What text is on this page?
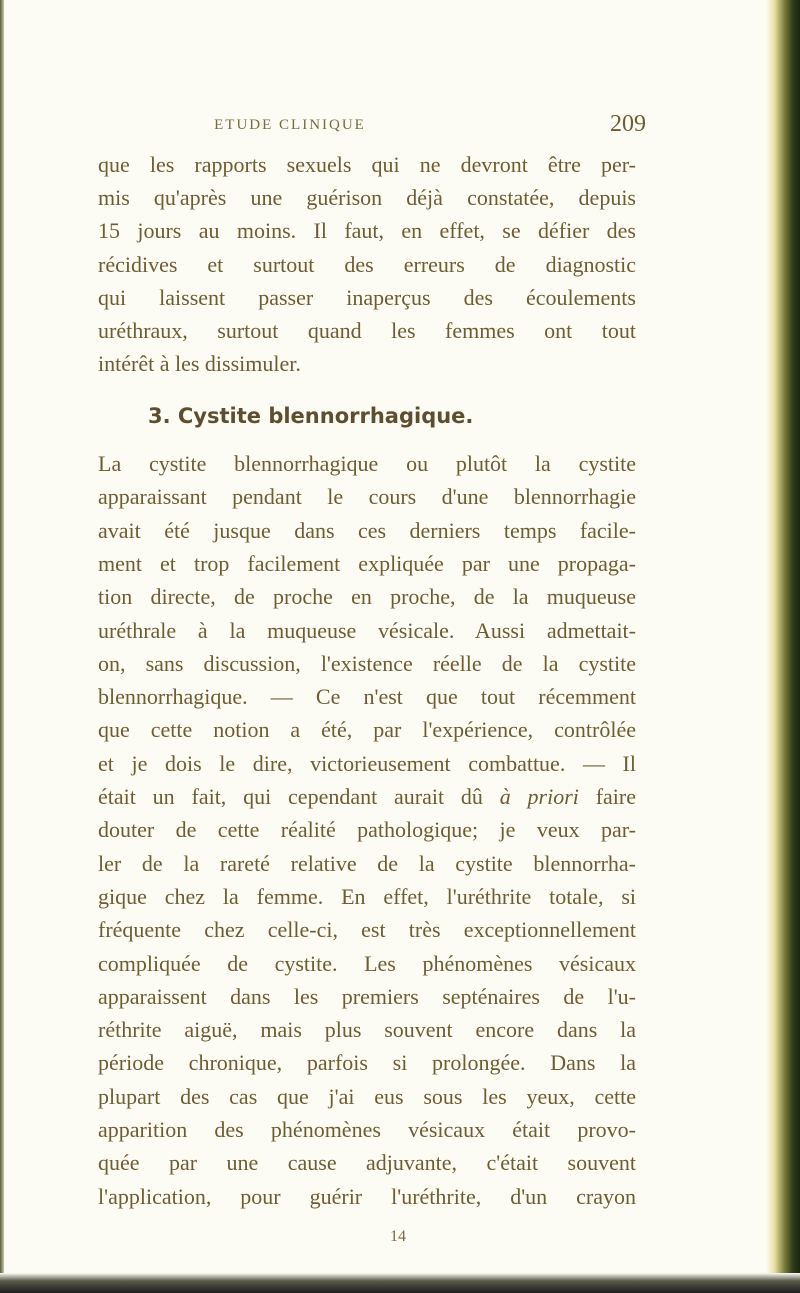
ETUDE CLINIQUE	209
que les rapports sexuels qui ne devront être per-
mis qu'après une guérison déjà constatée, depuis
15 jours au moins. Il faut, en effet, se défier des
récidives et surtout des erreurs de diagnostic
qui laissent passer inaperçus des écoulements
uréthraux, surtout quand les femmes ont tout
intérêt à les dissimuler.
3. Cystite blennorrhagique.
La cystite blennorrhagique ou plutôt la cystite
apparaissant pendant le cours d'une blennorrhagie
avait été jusque dans ces derniers temps facile-
ment et trop facilement expliquée par une propaga-
tion directe, de proche en proche, de la muqueuse
uréthrale à la muqueuse vésicale. Aussi admettait-
on, sans discussion, l'existence réelle de la cystite
blennorrhagique. — Ce n'est que tout récemment
que cette notion a été, par l'expérience, contrôlée
et je dois le dire, victorieusement combattue. — Il
était un fait, qui cependant aurait dû à priori faire
douter de cette réalité pathologique; je veux par-
ler de la rareté relative de la cystite blennorrha-
gique chez la femme. En effet, l'uréthrite totale, si
fréquente chez celle-ci, est très exceptionnellement
compliquée de cystite. Les phénomènes vésicaux
apparaissent dans les premiers septénaires de l'u-
réthrite aiguë, mais plus souvent encore dans la
période chronique, parfois si prolongée. Dans la
plupart des cas que j'ai eus sous les yeux, cette
apparition des phénomènes vésicaux était provo-
quée par une cause adjuvante, c'était souvent
l'application, pour guérir l'uréthrite, d'un crayon
14
